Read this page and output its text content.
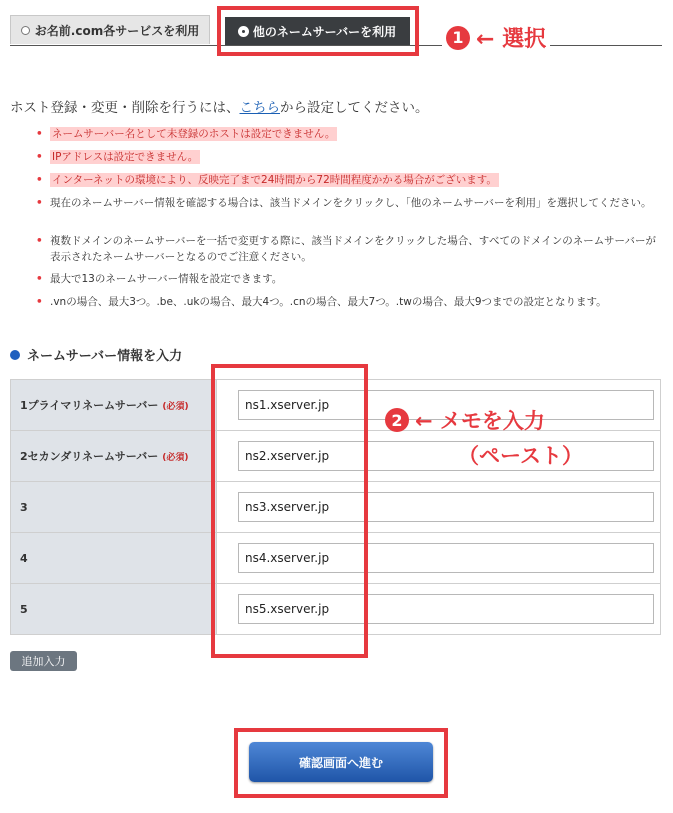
お名前.com各サービスを利用	他のネームサーバーを利用	1 ← 選択
ホスト登録・変更・削除を行うには、こちらから設定してください。
• ネームサーバー名として未登録のホストは設定できません。
• IPアドレスは設定できません。
• インターネットの環境により、反映完了まで24時間から72時間程度かかる場合がございます。
• 現在のネームサーバー情報を確認する場合は、該当ドメインをクリックし、「他のネームサーバーを利用」を選択してください。
• 複数ドメインのネームサーバーを一括で変更する際に、該当ドメインをクリックした場合、すべてのドメインのネームサーバーが表示されたネームサーバーとなるのでご注意ください。
• 最大で13のネームサーバー情報を設定できます。
• .vnの場合、最大3つ。.be、.ukの場合、最大4つ。.cnの場合、最大7つ。.twの場合、最大9つまでの設定となります。
ネームサーバー情報を入力
1プライマリネームサーバー (必須)	ns1.xserver.jp
2セカンダリネームサーバー (必須)	ns2.xserver.jp
3	ns3.xserver.jp
4	ns4.xserver.jp
5	ns5.xserver.jp
2 ← メモを入力
（ペースト）
追加入力
確認画面へ進む
